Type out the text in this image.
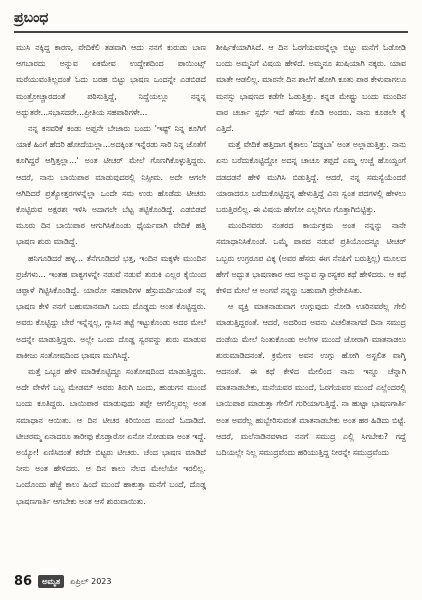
ಪ್ರಬಂಧ

ಮುಸಿ ನಕ್ಕಿದ್ದ ಕಾರಣ, ವೇದಿಕೆಲಿ ತಡವಾಗಿ ಆದು ನನಗೆ ಕುರುಡು ಬಾಣ ಆಗಬಾರದು ಅನ್ನುವ ಏಕಮೇವ ಉದ್ದೇಶದಿಂದ ಪಾಯಿಂಟ್ಸ್ ಮರೆಯುವಂತಿಲ್ಲದಂತೆ ಓದು ಬರಹ ಬಿಟ್ಟು ಭಾಷಣ ಒಂದನ್ನೇ ಎಡಬಿಡದೆ ಮಂತ್ರೋಚ್ಚಾರದಂತೆ ಪಠಿಸುತ್ತಿದ್ದೆ, ನಿದ್ದೆಯಲ್ಲೂ ನನ್ನನ್ನ ಅದ್ಭುತರೇ...ಸಭಾಸದರೇ...ಪ್ರೀತಿಯ ಸಹಪಾಠಿಗಳೇ...

ನನ್ನ ಕನವರಿಕೆ ಕಂಡು ಅಪ್ಪನೇ ಬೇಜಾರು ಬಂದು 'ಇಷ್ಟ್ ನಿನ್ನ ಕೂಗಿಗೆ ಯಾಕೆ ಹಿಂಗೆ ಹೆದರಿ ಹೋದೆಯಲ್ಲಾ...ಅದಕ್ಕಿಂತ ಇನ್ನೆರಡು ಸಾರಿ ನಿನ್ನ ಜೊತೆಗೆ ಕೂಗಿದ್ದರೆ ಆಗ್ತಿತ್ತಲ್ಲಾ...' ಅಂತ ಟೀಚರ್‌ ಮೇಲೆ ಗೊಣಗಿಕೊಳ್ಳುತ್ತಿದ್ದರು. ಆದರೆ, ನಾನು ಬಾಯಿಪಾಠ ಮಾಡುವುದರಲ್ಲಿ ನಿಸ್ಸೀಮ. ಅದೇ ಆಗಲೇ ಆಗಿದಿದರೆ ಪ್ರತ್ಯೋತ್ತರಗಳನ್ನೆಲ್ಲಾ ಒಂದೇ ಸಮ ಉರು ಹೊಡೆದು ಟೀಚರು ಕೊಟ್ಟಿರುವ ಅಕ್ಷರಶಃ ಇಳಿಸಿ ಅದಾಗಲೇ ಬೆಟ್ಟ ತಟ್ಟಿಕೊಂಡಿದ್ದೆ. ಎಡಬಿಡದೆ ಮೂರು ದಿನ ಬಾಯಿಪಾಠ ಆಗುಗಿಸಿಕೊಂಡು ಧೈರ್ಯವಾಗಿ ವೇದಿಕೆ ಹತ್ತಿ ಭಾಷಣ ಶುರು ಮಾಡಿದ್ದೆ.

ಹನಿಗೂಡಿದರೆ ಹಳ್ಳ... ತೆನೆಗೂಡಿದರೆ ಭತ್ತ, ಇಂದಿನ ಮಕ್ಕಳೇ ಮುಂದಿನ ಪ್ರಜೆಗಳು... ಇಂತಹ ವಾಕ್ಯಗಳನ್ನೇ ನಡುವೆ ನಡುವೆ ತುರುಕಿ ಎಲ್ಲರ ಕೈಯಿಂದ ಚಪ್ಪಾಳೆ ಗಿಟ್ಟಿಸಿಕೊಂಡಿದ್ದೆ. ಯಾರೋ ಸಹಪಾಠಿಗಳ ಹೆಸ್ರುದುರ್ದಿಯಂತೆ ನನ್ನ ಭಾಷಣ ಕೇಳಿ ನನಗೆ ಬಹುಮಾನವಾಗಿ ಒಂದು ದೊಡ್ಡದು ಅಂತ ಕೊಟ್ಟಿದ್ದರು. ಅವರು ಕೊಟ್ಟಿದ್ದು ಬೇರೆ ಇನ್ನೆನ್ನಲ್ಲ, ಗ್ಲಾಸಿನ ತಟ್ಟೆ ಇಟ್ಟುಕೊಂಡು ಅದರ ಮೇಲೆ ಅದನ್ನೇ ಮಾಡುತ್ತಿದ್ದರು. ಅಲ್ಲೇ ಒಂದು ದೊಡ್ಡ ಸ್ವರವನ್ನು ಶುರು ಮಾಡುವ ಪಾಕೀಜು ಸಂತೋಷದಿಂದ ಭಾಷಣ ಮುಗಿಸಿದ್ದೆ.

ಮತ್ತೆ ಒಬ್ಬರ ಹೇಳಿ ಮಾಡಿಕೊಟ್ಟಿದ್ದೂ ಸಂತೋಷದಿಂದ ಮಾಡುತ್ತಿದ್ದರು. ಅದೇ ವೇಳೆಗೆ ಒಬ್ಬ ಮೇಡಮ್‌ ಅವರು ತಿರುಗಿ ಬಂದು, ಹುಡುಗನ ಮುಂದೆ ಬಂದು ಕೂತಿದ್ದರು. ಬಾಯಿಪಾಠ ಮಾಡುವುದು ತಪ್ಪೇ ಆಗಲಿಲ್ಲವಲ್ಲ ಅಂತ ಸಮಾಧಾನ ಆಯಿತು. ಆ ದಿನ ಟೀಚರ ಕಿರಿಯಿಂದ ಮುಂದೆ ಓದಾಡಿದೆ. ಟೀಚರಮ್ಮ ಏನಾದರೂ ತಾರೀಫು ಕೊಡ್ತಾರೋ ಏನೋ ನೋಡುವಾ ಅಂತ ಇದ್ದೆ. ಅಯ್ಯೋ! ಏಣಿಸಿದಂತೆ ಕರೆದೇ ಬಿಟ್ಟರು ಟೀಚರು. ಚೆಂದ ಭಾಷಣ ಮಾಡಿದೆ ನೀನು ಅಂತ ಹೇಳಿದರು. ಆ ದಿನ ಕಾಲು ನೆಲದ ಮೇಲೆಯೇ ಇರಲಿಲ್ಲ. ಒಂದೊಂದು ಹೆಜ್ಜೆ ಕಾಲು ಹಿಂದೆ ಮುಂದೆ ಹಾಕುತ್ತಾ ಮನೆಗೆ ಬಂದೆ, ದೊಡ್ಡ ಭಾಷಣಗಾರ್ತಿ ಆಗಬೇಕು ಅಂತ ಆಸೆ ಶುರುವಾಯಿತು.

ಶೀರ್ಷಿಕೆಯಾಗಿಸಿದೆ. ಆ ದಿನ ಓರಗೆಯವರನ್ನೆಲ್ಲಾ ಬಿಟ್ಟು ಮನೆಗೆ ಓಡೋಡಿ ಬಂದು ಅಮ್ಮನಿಗೆ ವಿಷಯ ಹೇಳಿದೆ. ಅಮ್ಮನೂ ಖುಷಿಯಾಗಿ ನಕ್ಕರು. ಯಾವ ಮಾತೇ ಆಡಲಿಲ್ಲ. ಮಾರನೇ ದಿನ ಶಾಲೆಗೆ ಹೋಗಿ ಕೂತು ಪಾಠ ಕೇಳುವಾಗಲೂ ಮನಸ್ಸು ಭಾಷಣದ ಕಡೆಗೇ ಓಡುತ್ತಿತ್ತು. ಕನ್ನಡ ಮೇಷ್ಟ್ರು ಬಂದು ಮುಂದಿನ ವಾರ ಚರ್ಚಾ ಸ್ಪರ್ಧೆ ಇದೆ ಹೆಸರು ಕೊಡಿ ಅಂದರು. ನಾನು ಕೂಡಲೇ ಕೈ ಎತ್ತಿದೆ.

ಮತ್ತೆ ವೇದಿಕೆ ಹತ್ತಿದಾಗ ಕೈಕಾಲು 'ದಡ್ಡಬಾ' ಅಂತ ಅಲ್ಲಾಡುತ್ತಿತ್ತು. ನಾನು ಏನು ಬರೆದುಕೊಟ್ಟಿದ್ದೋ ಅದನ್ನ ಚಾಚೂ ತಪ್ಪದೆ ಎಮ್ಮ ಉಚ್ಚೆ ಹೊಯ್ದಂಗೆ ದಡದಡನೆ ಹೇಳಿ ಮುಗಿಸಿ ಬಿಡುತ್ತಿದ್ದೆ. ಆದರೆ, ನನ್ನ ಸಮಸ್ಯೆಯೆಂದರೆ ಯಾರಾದರೂ ಬರೆದುಕೊಟ್ಟಿದ್ದನ್ನ ಹೇಳುತ್ತಿದ್ದೆ ವಿನಃ ಸ್ವಂತ ಪದಗಳಲ್ಲಿ ಹೇಳಲು ಬರುತ್ತಿರಲಿಲ್ಲ. ಈ ವಿಷಯ ಹೇಗೋ ಎಲ್ಲರಿಗೂ ಗೊತ್ತಾಗಿಬಿಟ್ಟಿತ್ತು.

ಮುಂದಿನವರು ನಂತರದ ಕಾರ್ಯಕ್ರಮ ಅಂತ ನನ್ನನ್ನು ನಾನೇ ಸಮಾಧಾನಿಸಿಕೊಂಡೆ. ಒಮ್ಮೆ ಪಾಠದ ನಡುವೆ ಪ್ರತಿಯೊಂದನ್ನೂ ಟೀಚರ್‌ ಒಬ್ಬರು ಉಗ್ರರೂಪ ವಿಕ್ಕ (ಅವರ ಹೆಸರು ಈಗ ನೆನಪಿಗೆ ಬರುತ್ತಿಲ್ಲ) ಮೂಲದ ಹೇಗೆ ಅದ್ಭುತ ಭಾಷಣಕಾರ ಆದ ಅನ್ನುವ ಸ್ವಾರಸ್ಯಕರ ಕಥೆ ಹೇಳಿದರು. ಆ ಕಥೆ ಕೇಳಿದ ಮೇಲೆ ಆ ಅಂಗವೆ ನನ್ನನ್ನು ಬಹುವಾಗಿ ಪ್ರೇರೇಪಿಸಿತು.

ಆ ವ್ಯಕ್ತಿ ಮಾತನಾಡುವಾಗ ಉಗ್ಗುವುದು ನೋಡಿ ಊರಿನವರೆಲ್ಲ ಗೇಲಿ ಮಾಡುತ್ತಿದ್ದರಂತೆ. ಆದರೆ, ಅದರಿಂದ ಅವನು ವಿಚಲಿತನಾಗದೆ ದಿನಾ ಸಮುದ್ರ ದಂಡೆಯ ಮೇಲೆ ನಿಂತುಕೊಂಡು ಅಲೆಗಳ ಮುಂದೆ ಜೋರಾಗಿ ಮಾತನಾಡಲು ಶುರುಮಾಡಿದನಂತೆ. ಕ್ರಮೇಣ ಅವನ ಉಗ್ಗು ಹೋಗಿ ಅಸ್ಖಲಿತ ವಾಗ್ಮಿ ಆದನಂತೆ. ಈ ಕಥೆ ಕೇಳಿದ ಮೇಲಿಂದ ನಾನು ಇನ್ನೂ ಚೆನ್ನಾಗಿ ಮಾತನಾಡಬೇಕು, ಮನೆಯವರ ಮುಂದೆ, ಓರಗೆಯವರ ಮುಂದೆ ಎಲ್ಲೆಂದರಲ್ಲಿ ಬಾಯಿಪಾಠ ಮಾಡುತ್ತಾ ಗೇಲಿಗೆ ಗುರಿಯಾಗುತ್ತಿದ್ದೆ. ನಾ ಹುಟ್ಟಾ ಭಾಷಣಗಾರ್ತಿ ಅಂತ ಅವರೆಲ್ಲ ಹುಬ್ಬೇರಿಸುವಂತೆ ಮಾತನಾಡಬೇಕು ಅಂತ ಹಠ ಹಿಡಿದು ಬಿಟ್ಟೆ. ಆದರೆ, ಮಲೆನಾಡಿನವಳಾದ ನನಗೆ ಸಮುದ್ರ ಎಲ್ಲಿ ಸಿಗಬೇಕು? ಗದ್ದೆ ಬದಿಯಲ್ಲೇ ನಿಲ್ಲ ಸಮುದ್ರವೆಂದು ಹರಿಯುತ್ತಿದ್ದ ನೀರನ್ನೇ ಸಮುದ್ರವೆಂದು

86	ಅಮೃತ	ಏಪ್ರಿಲ್‌ 2023
